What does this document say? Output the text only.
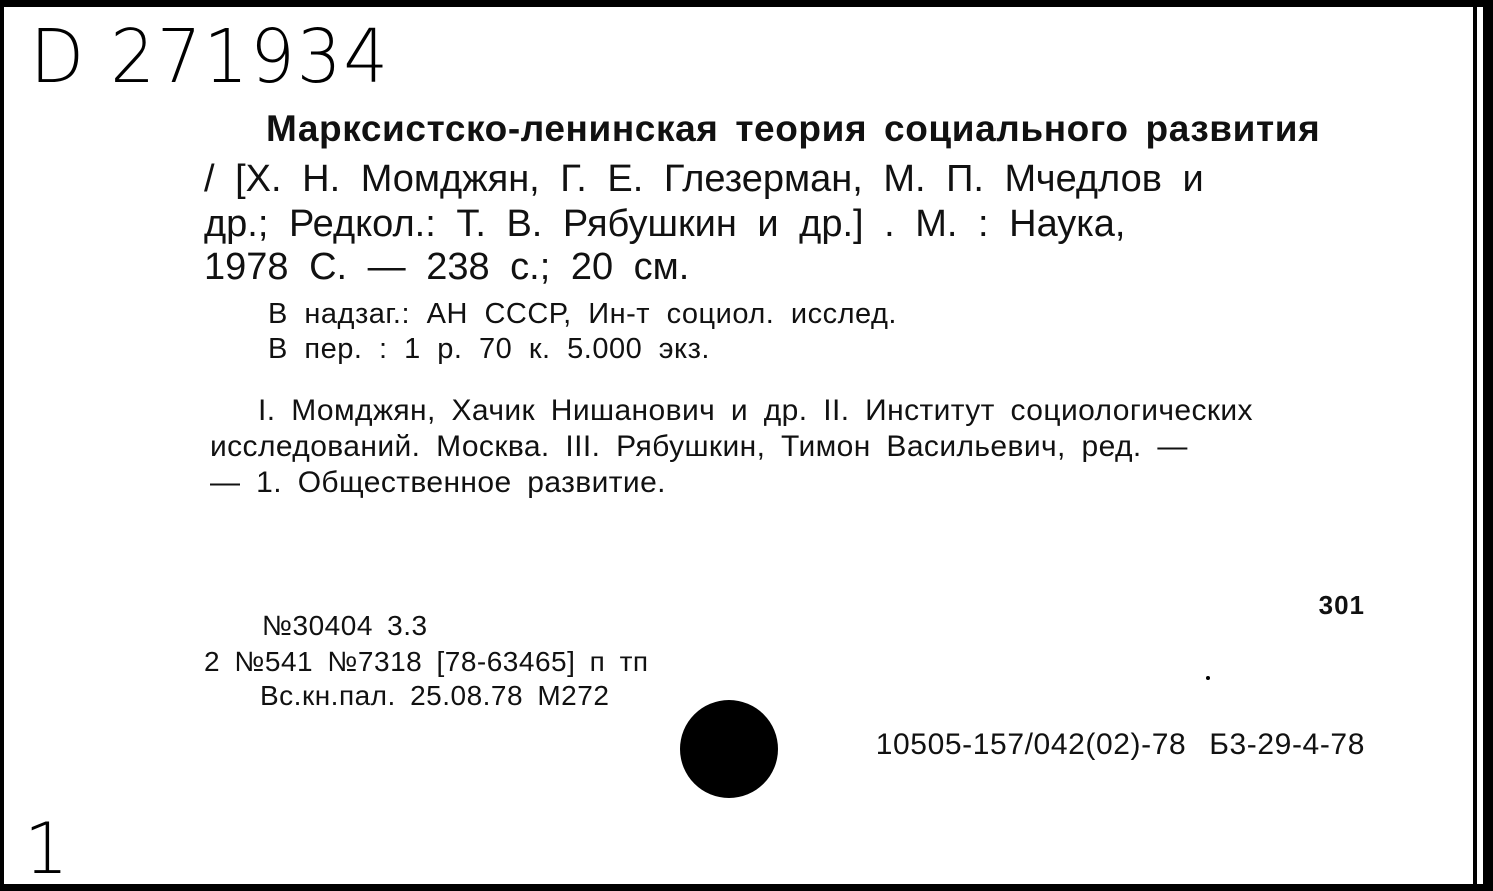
D 271934
Марксистско-ленинская теория социального развития
/ [Х. Н. Момджян, Г. Е. Глезерман, М. П. Мчедлов и
др.; Редкол.: Т. В. Рябушкин и др.] . М. : Наука,
1978 С. — 238 с.; 20 см.
В надзаг.: АН СССР, Ин-т социол. исслед.
В пер. : 1 р. 70 к. 5.000 экз.
I. Момджян, Хачик Нишанович и др. II. Институт социологических
исследований. Москва. III. Рябушкин, Тимон Васильевич, ред. —
— 1. Общественное развитие.
301
№30404 3.3
2 №541 №7318 [78-63465] п тп
Вс.кн.пал. 25.08.78 М272
10505-157/042(02)-78 Б3-29-4-78
1
